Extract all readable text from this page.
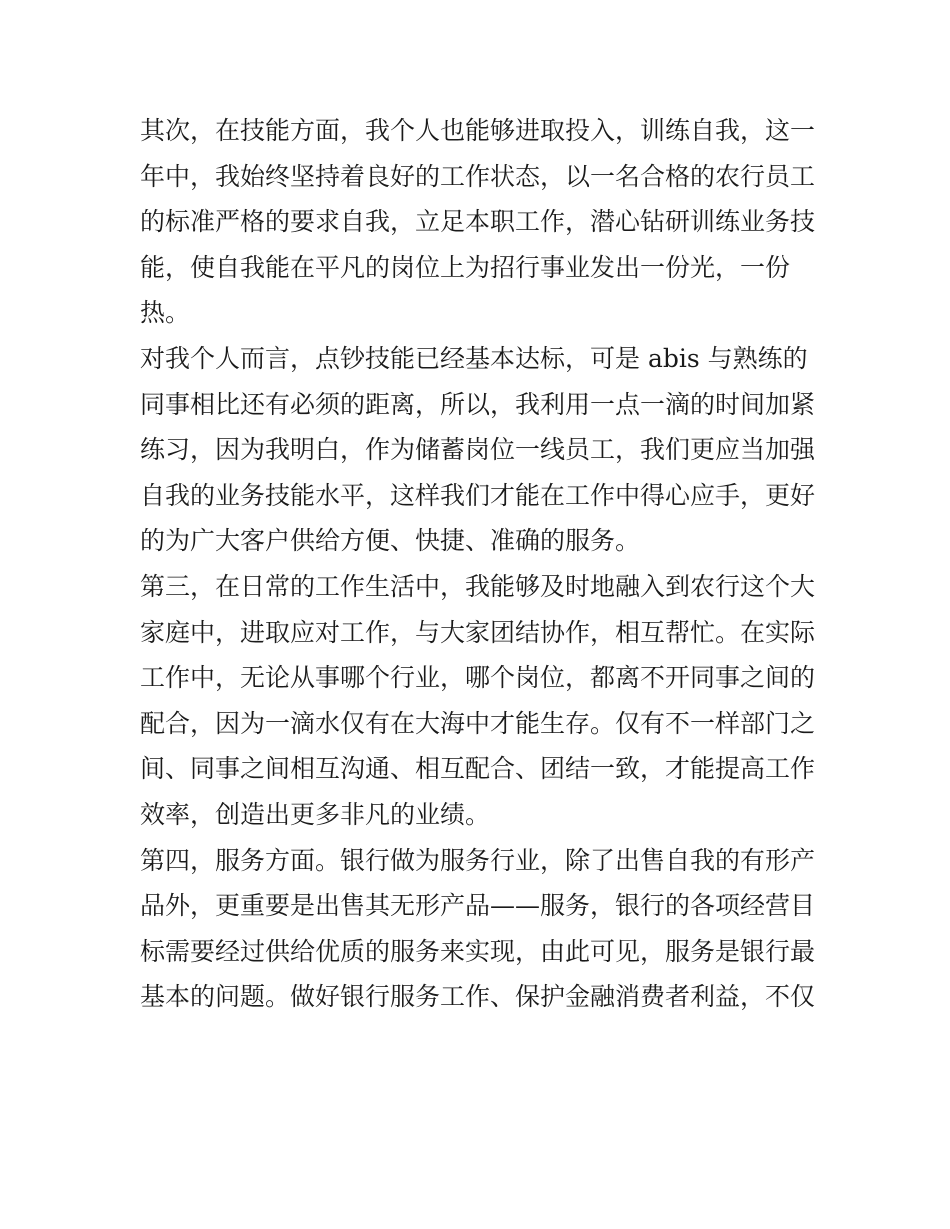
其次，在技能方面，我个人也能够进取投入，训练自我，这一
年中，我始终坚持着良好的工作状态，以一名合格的农行员工
的标准严格的要求自我，立足本职工作，潜心钻研训练业务技
能，使自我能在平凡的岗位上为招行事业发出一份光，一份
热。
对我个人而言，点钞技能已经基本达标，可是 abis 与熟练的
同事相比还有必须的距离，所以，我利用一点一滴的时间加紧
练习，因为我明白，作为储蓄岗位一线员工，我们更应当加强
自我的业务技能水平，这样我们才能在工作中得心应手，更好
的为广大客户供给方便、快捷、准确的服务。
第三，在日常的工作生活中，我能够及时地融入到农行这个大
家庭中，进取应对工作，与大家团结协作，相互帮忙。在实际
工作中，无论从事哪个行业，哪个岗位，都离不开同事之间的
配合，因为一滴水仅有在大海中才能生存。仅有不一样部门之
间、同事之间相互沟通、相互配合、团结一致，才能提高工作
效率，创造出更多非凡的业绩。
第四，服务方面。银行做为服务行业，除了出售自我的有形产
品外，更重要是出售其无形产品——服务，银行的各项经营目
标需要经过供给优质的服务来实现，由此可见，服务是银行最
基本的问题。做好银行服务工作、保护金融消费者利益，不仅
